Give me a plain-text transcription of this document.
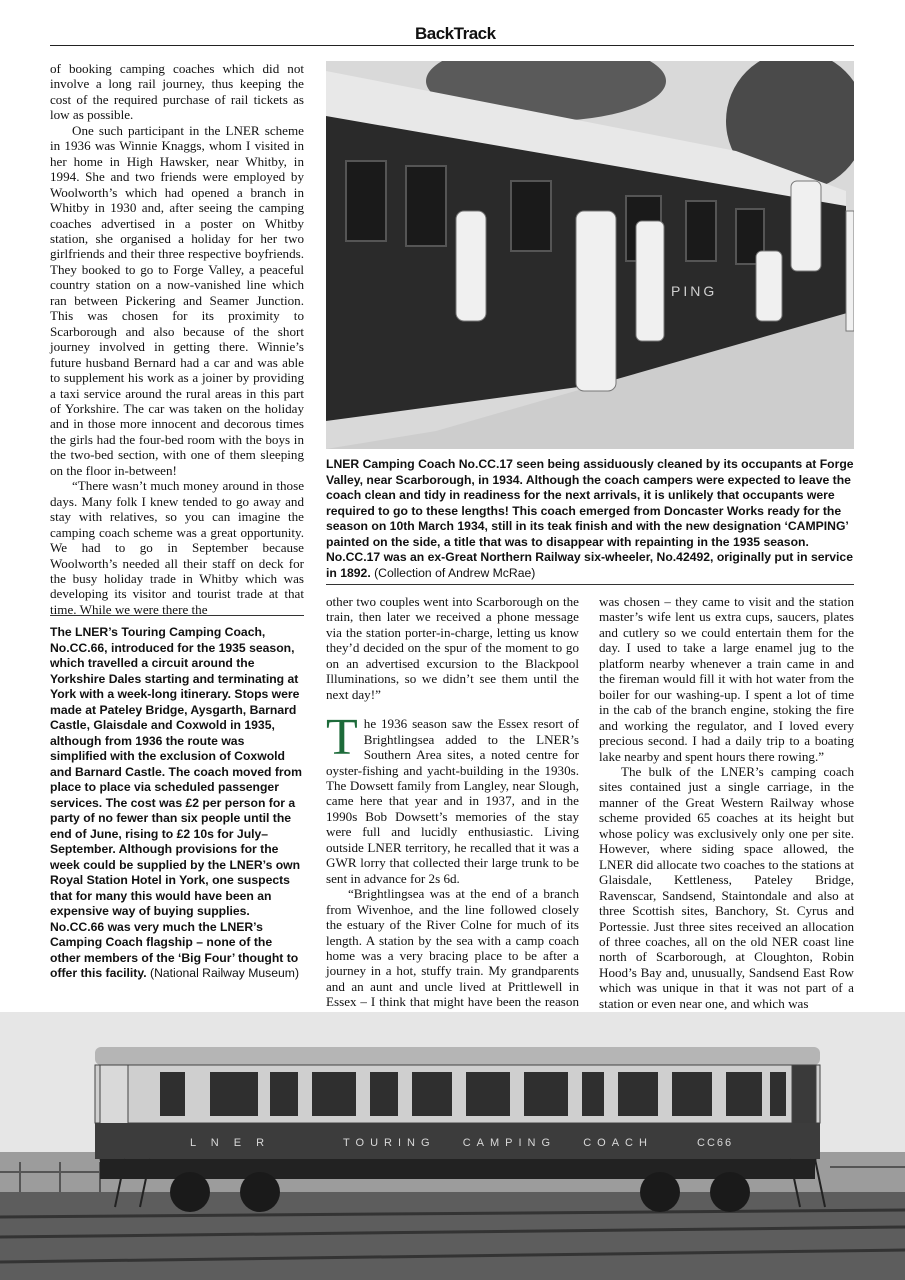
BackTrack

of booking camping coaches which did not involve a long rail journey, thus keeping the cost of the required purchase of rail tickets as low as possible.

One such participant in the LNER scheme in 1936 was Winnie Knaggs, whom I visited in her home in High Hawsker, near Whitby, in 1994. She and two friends were employed by Woolworth’s which had opened a branch in Whitby in 1930 and, after seeing the camping coaches advertised in a poster on Whitby station, she organised a holiday for her two girlfriends and their three respective boyfriends. They booked to go to Forge Valley, a peaceful country station on a now-vanished line which ran between Pickering and Seamer Junction. This was chosen for its proximity to Scarborough and also because of the short journey involved in getting there. Winnie’s future husband Bernard had a car and was able to supplement his work as a joiner by providing a taxi service around the rural areas in this part of Yorkshire. The car was taken on the holiday and in those more innocent and decorous times the girls had the four-bed room with the boys in the two-bed section, with one of them sleeping on the floor in-between!

“There wasn’t much money around in those days. Many folk I knew tended to go away and stay with relatives, so you can imagine the camping coach scheme was a great opportunity. We had to go in September because Woolworth’s needed all their staff on deck for the busy holiday trade in Whitby which was developing its visitor and tourist trade at that time. While we were there the

PING
LNER Camping Coach No.CC.17 seen being assiduously cleaned by its occupants at Forge Valley, near Scarborough, in 1934. Although the coach campers were expected to leave the coach clean and tidy in readiness for the next arrivals, it is unlikely that occupants were required to go to these lengths! This coach emerged from Doncaster Works ready for the season on 10th March 1934, still in its teak finish and with the new designation ‘CAMPING’ painted on the side, a title that was to disappear with repainting in the 1935 season. No.CC.17 was an ex-Great Northern Railway six-wheeler, No.42492, originally put in service in 1892. (Collection of Andrew McRae)
The LNER’s Touring Camping Coach, No.CC.66, introduced for the 1935 season, which travelled a circuit around the Yorkshire Dales starting and terminating at York with a week-long itinerary. Stops were made at Pateley Bridge, Aysgarth, Barnard Castle, Glaisdale and Coxwold in 1935, although from 1936 the route was simplified with the exclusion of Coxwold and Barnard Castle. The coach moved from place to place via scheduled passenger services. The cost was £2 per person for a party of no fewer than six people until the end of June, rising to £2 10s for July–September. Although provisions for the week could be supplied by the LNER’s own Royal Station Hotel in York, one suspects that for many this would have been an expensive way of buying supplies. No.CC.66 was very much the LNER’s Camping Coach flagship – none of the other members of the ‘Big Four’ thought to offer this facility. (National Railway Museum)

other two couples went into Scarborough on the train, then later we received a phone message via the station porter-in-charge, letting us know they’d decided on the spur of the moment to go on an advertised excursion to the Blackpool Illuminations, so we didn’t see them until the next day!”

The 1936 season saw the Essex resort of Brightlingsea added to the LNER’s Southern Area sites, a noted centre for oyster-fishing and yacht-building in the 1930s. The Dowsett family from Langley, near Slough, came here that year and in 1937, and in the 1990s Bob Dowsett’s memories of the stay were full and lucidly enthusiastic. Living outside LNER territory, he recalled that it was a GWR lorry that collected their large trunk to be sent in advance for 2s 6d.

“Brightlingsea was at the end of a branch from Wivenhoe, and the line followed closely the estuary of the River Colne for much of its length. A station by the sea with a camp coach home was a very bracing place to be after a journey in a hot, stuffy train. My grandparents and an aunt and uncle lived at Prittlewell in Essex – I think that might have been the reason

was chosen – they came to visit and the station master’s wife lent us extra cups, saucers, plates and cutlery so we could entertain them for the day. I used to take a large enamel jug to the platform nearby whenever a train came in and the fireman would fill it with hot water from the boiler for our washing-up. I spent a lot of time in the cab of the branch engine, stoking the fire and working the regulator, and I loved every precious second. I had a daily trip to a boating lake nearby and spent hours there rowing.”

The bulk of the LNER’s camping coach sites contained just a single carriage, in the manner of the Great Western Railway whose scheme provided 65 coaches at its height but whose policy was exclusively only one per site. However, where siding space allowed, the LNER did allocate two coaches to the stations at Glaisdale, Kettleness, Pateley Bridge, Ravenscar, Sandsend, Staintondale and also at three Scottish sites, Banchory, St. Cyrus and Portessie. Just three sites received an allocation of three coaches, all on the old NER coast line north of Scarborough, at Cloughton, Robin Hood’s Bay and, unusually, Sandsend East Row which was unique in that it was not part of a station or even near one, and which was

L N E R	TOURING   CAMPING   COACH	CC66
